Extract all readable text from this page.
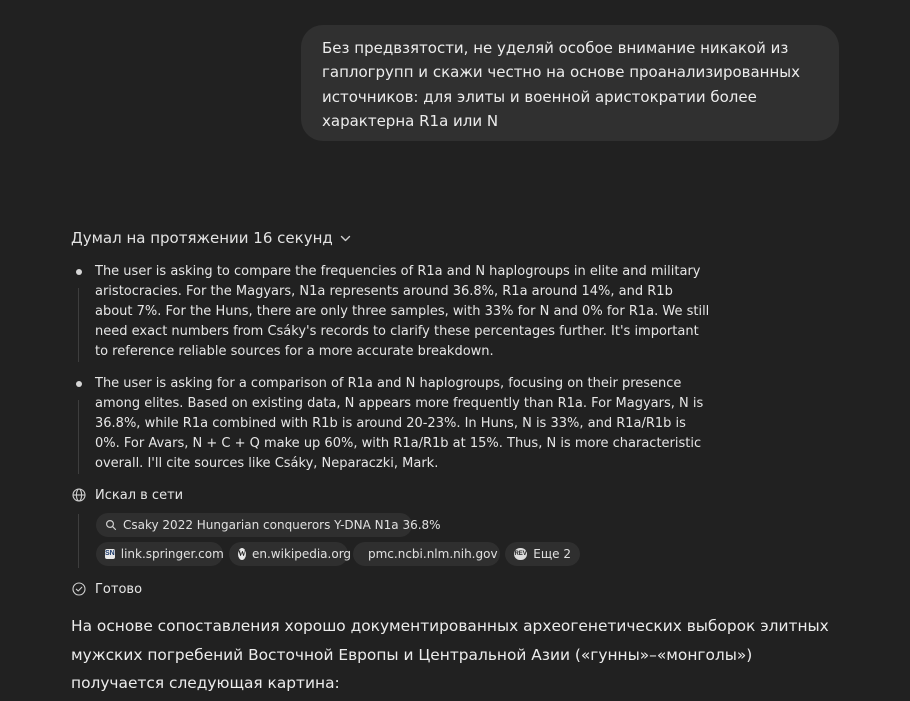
Без предвзятости, не уделяй особое внимание никакой из гаплогрупп и скажи честно на основе проанализированных источников: для элиты и военной аристократии более характерна R1a или N
Думал на протяжении 16 секунд
The user is asking to compare the frequencies of R1a and N haplogroups in elite and military aristocracies. For the Magyars, N1a represents around 36.8%, R1a around 14%, and R1b about 7%. For the Huns, there are only three samples, with 33% for N and 0% for R1a. We still need exact numbers from Csáky's records to clarify these percentages further. It's important to reference reliable sources for a more accurate breakdown.
The user is asking for a comparison of R1a and N haplogroups, focusing on their presence among elites. Based on existing data, N appears more frequently than R1a. For Magyars, N is 36.8%, while R1a combined with R1b is around 20-23%. In Huns, N is 33%, and R1a/R1b is 0%. For Avars, N + C + Q make up 60%, with R1a/R1b at 15%. Thus, N is more characteristic overall. I'll cite sources like Csáky, Neparaczki, Mark.
Искал в сети
Csaky 2022 Hungarian conquerors Y-DNA N1a 36.8%
SN link.springer.com W en.wikipedia.org pmc.ncbi.nlm.nih.gov	REV Еще 2
Готово
На основе сопоставления хорошо документированных археогенетических выборок элитных мужских погребений Восточной Европы и Центральной Азии («гунны»–«монголы») получается следующая картина:
